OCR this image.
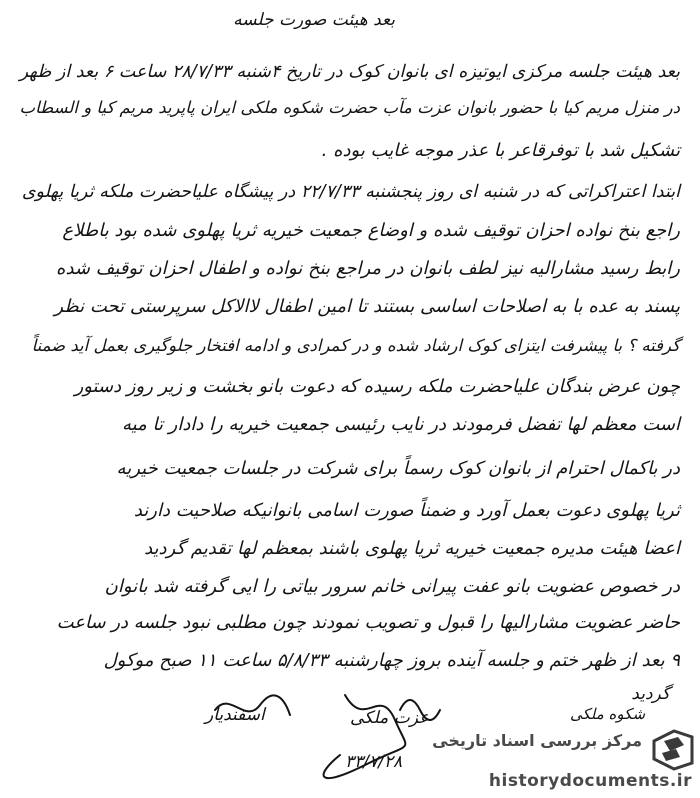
بعد هیئت صورت جلسه
بعد هیئت جلسه مرکزی ایوتیزه ای بانوان کوک در تاریخ ۴شنبه ۲۸/۷/۳۳ ساعت ۶ بعد از ظهر
در منزل مریم کیا با حضور بانوان عزت مآب حضرت شکوه ملکی ایران پاپرید مریم کیا و السطاب
تشکیل شد با توفرقاعر با عذر موجه غایب بوده .
ابتدا اعتراکراتی که در شنبه ای روز پنجشنبه ۲۲/۷/۳۳ در پیشگاه علیاحضرت ملکه ثریا پهلوی
راجع بنخ نواده احزان توقیف شده و اوضاع جمعیت خیریه ثریا پهلوی شده بود باطلاع
رابط رسید مشارالیه نیز لطف بانوان در مراجع بنخ نواده و اطفال احزان توقیف شده
پسند به عده با به اصلاحات اساسی بستند تا امین اطفال لاالاکل سرپرستی تحت نظر
گرفته ؟ با پیشرفت ایتزای کوک ارشاد شده و در کمرادی و ادامه افتخار جلوگیری بعمل آید ضمناً
چون عرض بندگان علیاحضرت ملکه رسیده که دعوت بانو بخشت و زیر روز دستور
است معظم لها تفضل فرمودند در نایب رئیسی جمعیت خیریه را دادار تا میه
در باکمال احترام از بانوان کوک رسماً برای شرکت در جلسات جمعیت خیریه
ثریا پهلوی دعوت بعمل آورد و ضمناً صورت اسامی بانوانیکه صلاحیت دارند
اعضا هیئت مدیره جمعیت خیریه ثریا پهلوی باشند بمعظم لها تقدیم گردید
در خصوص عضویت بانو عفت پیرانی خانم سرور بیاتی را ایی گرفته شد بانوان
حاضر عضویت مشارالیها را قبول و تصویب نمودند چون مطلبی نبود جلسه در ساعت
۹ بعد از ظهر ختم و جلسه آینده بروز چهارشنبه ۵/۸/۳۳ ساعت ۱۱ صبح موکول
گردید
اسفندیار	عزت ملکی	شکوه ملکی
۳۳/۷/۲۸
مرکز بررسی اسناد تاریخی
historydocuments.ir
